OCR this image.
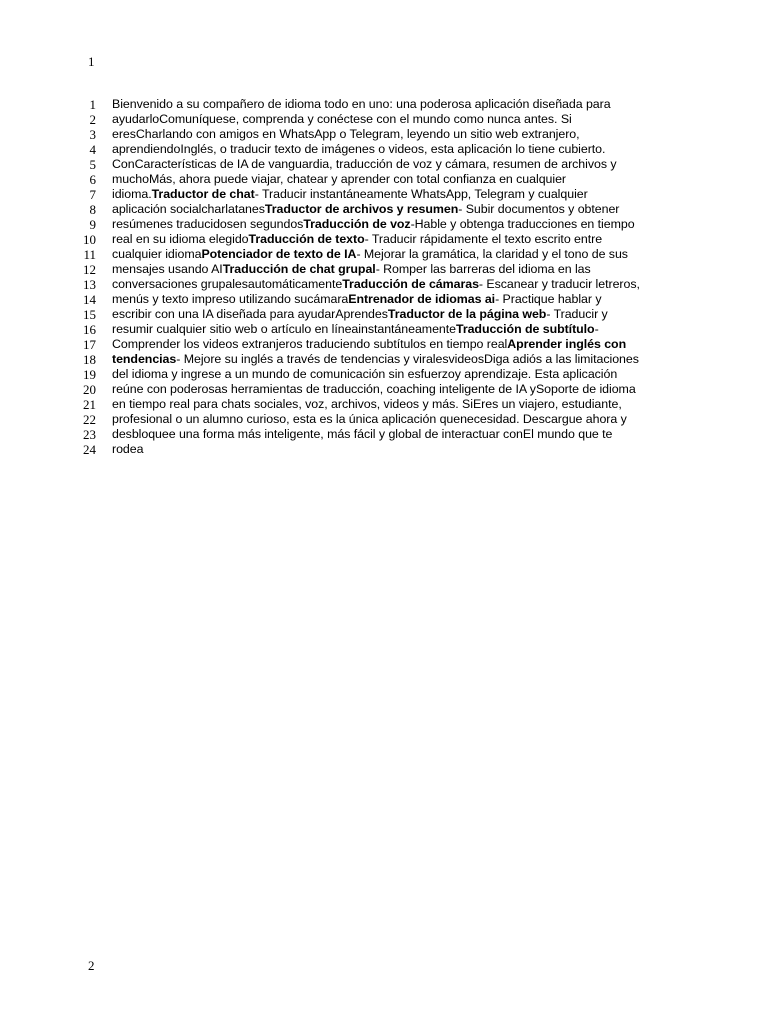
1
1 Bienvenido a su compañero de idioma todo en uno: una poderosa aplicación diseñada para
2 ayudarloComuníquese, comprenda y conéctese con el mundo como nunca antes. Si
3 eresCharlando con amigos en WhatsApp o Telegram, leyendo un sitio web extranjero,
4 aprendiendoInglés, o traducir texto de imágenes o videos, esta aplicación lo tiene cubierto.
5 ConCaracterísticas de IA de vanguardia, traducción de voz y cámara, resumen de archivos y
6 muchoMás, ahora puede viajar, chatear y aprender con total confianza en cualquier
7 idioma.Traductor de chat- Traducir instantáneamente WhatsApp, Telegram y cualquier
8 aplicación socialcharlatanesTraductor de archivos y resumen- Subir documentos y obtener
9 resúmenes traducidosen segundosTraducción de voz-Hable y obtenga traducciones en tiempo
10 real en su idioma elegidoTraducción de texto- Traducir rápidamente el texto escrito entre
11 cualquier idiomaPotenciador de texto de IA- Mejorar la gramática, la claridad y el tono de sus
12 mensajes usando AITraducción de chat grupal- Romper las barreras del idioma en las
13 conversaciones grupalesautomáticamenteTraducción de cámaras- Escanear y traducir letreros,
14 menús y texto impreso utilizando sucámaraEntrenador de idiomas ai- Practique hablar y
15 escribir con una IA diseñada para ayudarAprendesTraductor de la página web- Traducir y
16 resumir cualquier sitio web o artículo en líneainstantáneamenteTraducción de subtítulo-
17 Comprender los videos extranjeros traduciendo subtítulos en tiempo realAprender inglés con
18 tendencias- Mejore su inglés a través de tendencias y viralesvideosDiga adiós a las limitaciones
19 del idioma y ingrese a un mundo de comunicación sin esfuerzoy aprendizaje. Esta aplicación
20 reúne con poderosas herramientas de traducción, coaching inteligente de IA ySoporte de idioma
21 en tiempo real para chats sociales, voz, archivos, videos y más. SiEres un viajero, estudiante,
22 profesional o un alumno curioso, esta es la única aplicación quenecesidad. Descargue ahora y
23 desbloquee una forma más inteligente, más fácil y global de interactuar conEl mundo que te
24 rodea
2
